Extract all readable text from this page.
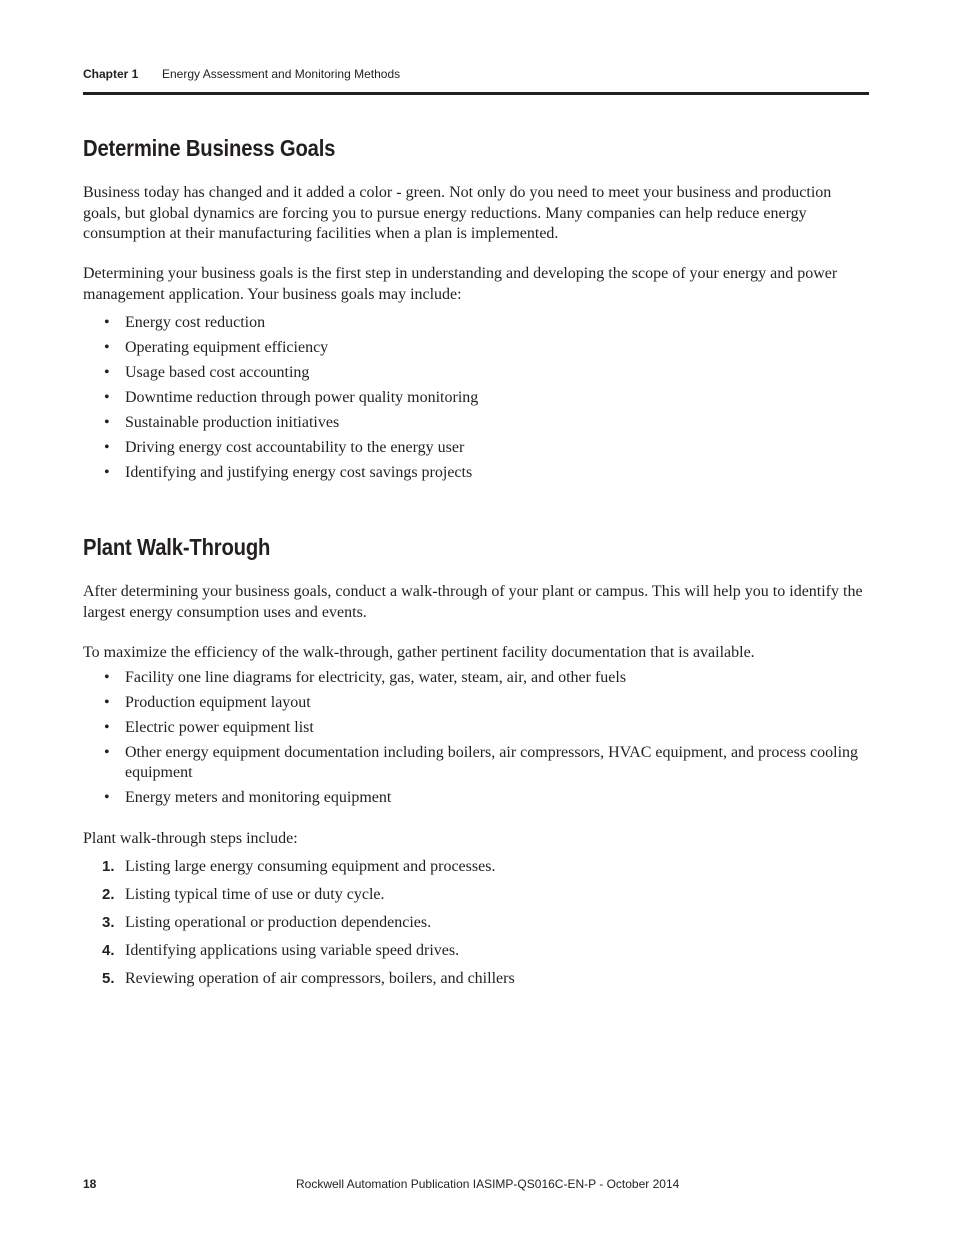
Chapter 1 Energy Assessment and Monitoring Methods
Determine Business Goals

Business today has changed and it added a color - green. Not only do you need to meet your business and production goals, but global dynamics are forcing you to pursue energy reductions. Many companies can help reduce energy consumption at their manufacturing facilities when a plan is implemented.

Determining your business goals is the first step in understanding and developing the scope of your energy and power management application. Your business goals may include:

• Energy cost reduction
• Operating equipment efficiency
• Usage based cost accounting
• Downtime reduction through power quality monitoring
• Sustainable production initiatives
• Driving energy cost accountability to the energy user
• Identifying and justifying energy cost savings projects
Plant Walk-Through

After determining your business goals, conduct a walk-through of your plant or campus. This will help you to identify the largest energy consumption uses and events.

To maximize the efficiency of the walk-through, gather pertinent facility documentation that is available.

• Facility one line diagrams for electricity, gas, water, steam, air, and other fuels
• Production equipment layout
• Electric power equipment list
• Other energy equipment documentation including boilers, air compressors, HVAC equipment, and process cooling equipment
• Energy meters and monitoring equipment

Plant walk-through steps include:

1. Listing large energy consuming equipment and processes.
2. Listing typical time of use or duty cycle.
3. Listing operational or production dependencies.
4. Identifying applications using variable speed drives.
5. Reviewing operation of air compressors, boilers, and chillers
18	Rockwell Automation Publication IASIMP-QS016C-EN-P - October 2014
